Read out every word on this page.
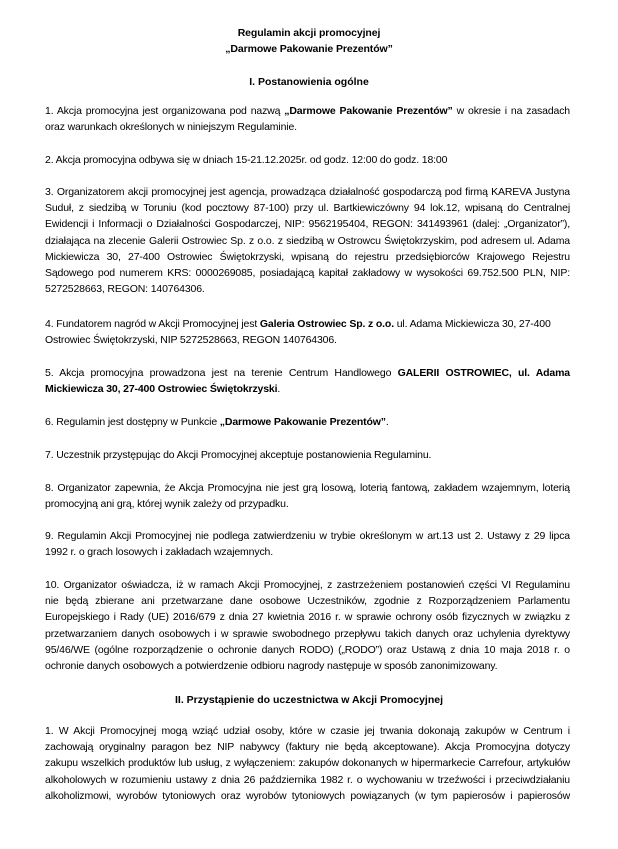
Regulamin akcji promocyjnej
„Darmowe Pakowanie Prezentów”
I. Postanowienia ogólne
1. Akcja promocyjna jest organizowana pod nazwą „Darmowe Pakowanie Prezentów” w okresie i na zasadach
oraz warunkach określonych w niniejszym Regulaminie.
2. Akcja promocyjna odbywa się w dniach 15-21.12.2025r. od godz. 12:00 do godz. 18:00
3. Organizatorem akcji promocyjnej jest agencja, prowadząca działalność gospodarczą pod firmą KAREVA Justyna
Suduł, z siedzibą w Toruniu (kod pocztowy 87-100) przy ul. Bartkiewiczówny 94 lok.12, wpisaną do Centralnej
Ewidencji i Informacji o Działalności Gospodarczej, NIP: 9562195404, REGON: 341493961 (dalej: „Organizator”),
działająca na zlecenie Galerii Ostrowiec Sp. z o.o. z siedzibą w Ostrowcu Świętokrzyskim, pod adresem ul. Adama
Mickiewicza 30, 27-400 Ostrowiec Świętokrzyski, wpisaną do rejestru przedsiębiorców Krajowego Rejestru
Sądowego pod numerem KRS: 0000269085, posiadającą kapitał zakładowy w wysokości 69.752.500 PLN, NIP:
5272528663, REGON: 140764306.
4. Fundatorem nagród w Akcji Promocyjnej jest Galeria Ostrowiec Sp. z o.o. ul. Adama Mickiewicza 30, 27-400
Ostrowiec Świętokrzyski, NIP 5272528663, REGON 140764306.
5. Akcja promocyjna prowadzona jest na terenie Centrum Handlowego GALERII OSTROWIEC, ul. Adama
Mickiewicza 30, 27-400 Ostrowiec Świętokrzyski.
6. Regulamin jest dostępny w Punkcie „Darmowe Pakowanie Prezentów”.
7. Uczestnik przystępując do Akcji Promocyjnej akceptuje postanowienia Regulaminu.
8. Organizator zapewnia, że Akcja Promocyjna nie jest grą losową, loterią fantową, zakładem wzajemnym, loterią
promocyjną ani grą, której wynik zależy od przypadku.
9. Regulamin Akcji Promocyjnej nie podlega zatwierdzeniu w trybie określonym w art.13 ust 2. Ustawy z 29 lipca
1992 r. o grach losowych i zakładach wzajemnych.
10. Organizator oświadcza, iż w ramach Akcji Promocyjnej, z zastrzeżeniem postanowień części VI Regulaminu
nie będą zbierane ani przetwarzane dane osobowe Uczestników, zgodnie z Rozporządzeniem Parlamentu
Europejskiego i Rady (UE) 2016/679 z dnia 27 kwietnia 2016 r. w sprawie ochrony osób fizycznych w związku z
przetwarzaniem danych osobowych i w sprawie swobodnego przepływu takich danych oraz uchylenia dyrektywy
95/46/WE (ogólne rozporządzenie o ochronie danych RODO) („RODO”) oraz Ustawą z dnia 10 maja 2018 r. o
ochronie danych osobowych a potwierdzenie odbioru nagrody następuje w sposób zanonimizowany.
II. Przystąpienie do uczestnictwa w Akcji Promocyjnej
1. W Akcji Promocyjnej mogą wziąć udział osoby, które w czasie jej trwania dokonają zakupów w Centrum i
zachowają oryginalny paragon bez NIP nabywcy (faktury nie będą akceptowane). Akcja Promocyjna dotyczy
zakupu wszelkich produktów lub usług, z wyłączeniem: zakupów dokonanych w hipermarkecie Carrefour, artykułów
alkoholowych w rozumieniu ustawy z dnia 26 października 1982 r. o wychowaniu w trzeźwości i przeciwdziałaniu
alkoholizmowi, wyrobów tytoniowych oraz wyrobów tytoniowych powiązanych (w tym papierosów i papierosów
